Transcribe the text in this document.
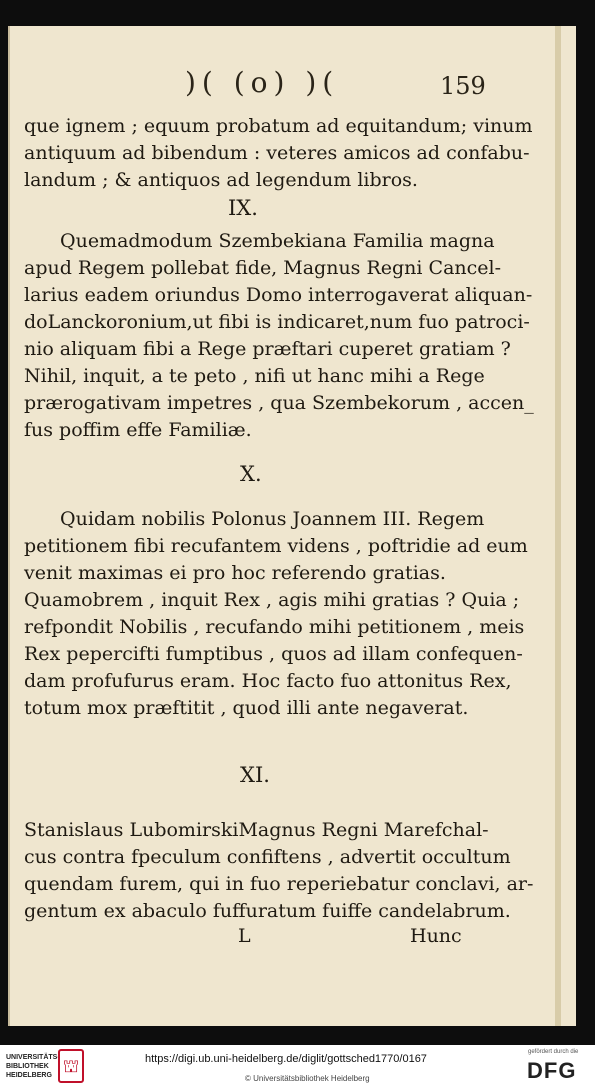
)( (o) )(	159
que ignem ; equum probatum ad equitandum; vinum
antiquum ad bibendum : veteres amicos ad confabu-
landum ; & antiquos ad legendum libros.
IX.
Quemadmodum Szembekiana Familia magna
apud Regem pollebat fide, Magnus Regni Cancel-
larius eadem oriundus Domo interrogaverat aliquan-
doLanckoronium,ut fibi is indicaret,num fuo patroci-
nio aliquam fibi a Rege præftari cuperet gratiam ?
Nihil, inquit, a te peto , nifi ut hanc mihi a Rege
prærogativam impetres , qua Szembekorum , accen_
fus poffim effe Familiæ.
X.
Quidam nobilis Polonus Joannem III. Regem
petitionem fibi recufantem videns , poftridie ad eum
venit maximas ei pro hoc referendo gratias.
Quamobrem , inquit Rex , agis mihi gratias ? Quia ;
refpondit Nobilis , recufando mihi petitionem , meis
Rex pepercifti fumptibus , quos ad illam confequen-
dam profufurus eram. Hoc facto fuo attonitus Rex,
totum mox præftitit , quod illi ante negaverat.
XI.
Stanislaus LubomirskiMagnus Regni Marefchal-
cus contra fpeculum confiftens , advertit occultum
quendam furem, qui in fuo reperiebatur conclavi, ar-
gentum ex abaculo fuffuratum fuiffe candelabrum.
L	Hunc
UNIVERSITÄTS-
BIBLIOTHEK
HEIDELBERG ⛫	https://digi.ub.uni-heidelberg.de/diglit/gottsched1770/0167
© Universitätsbibliothek Heidelberg
gefördert durch die
DFG
